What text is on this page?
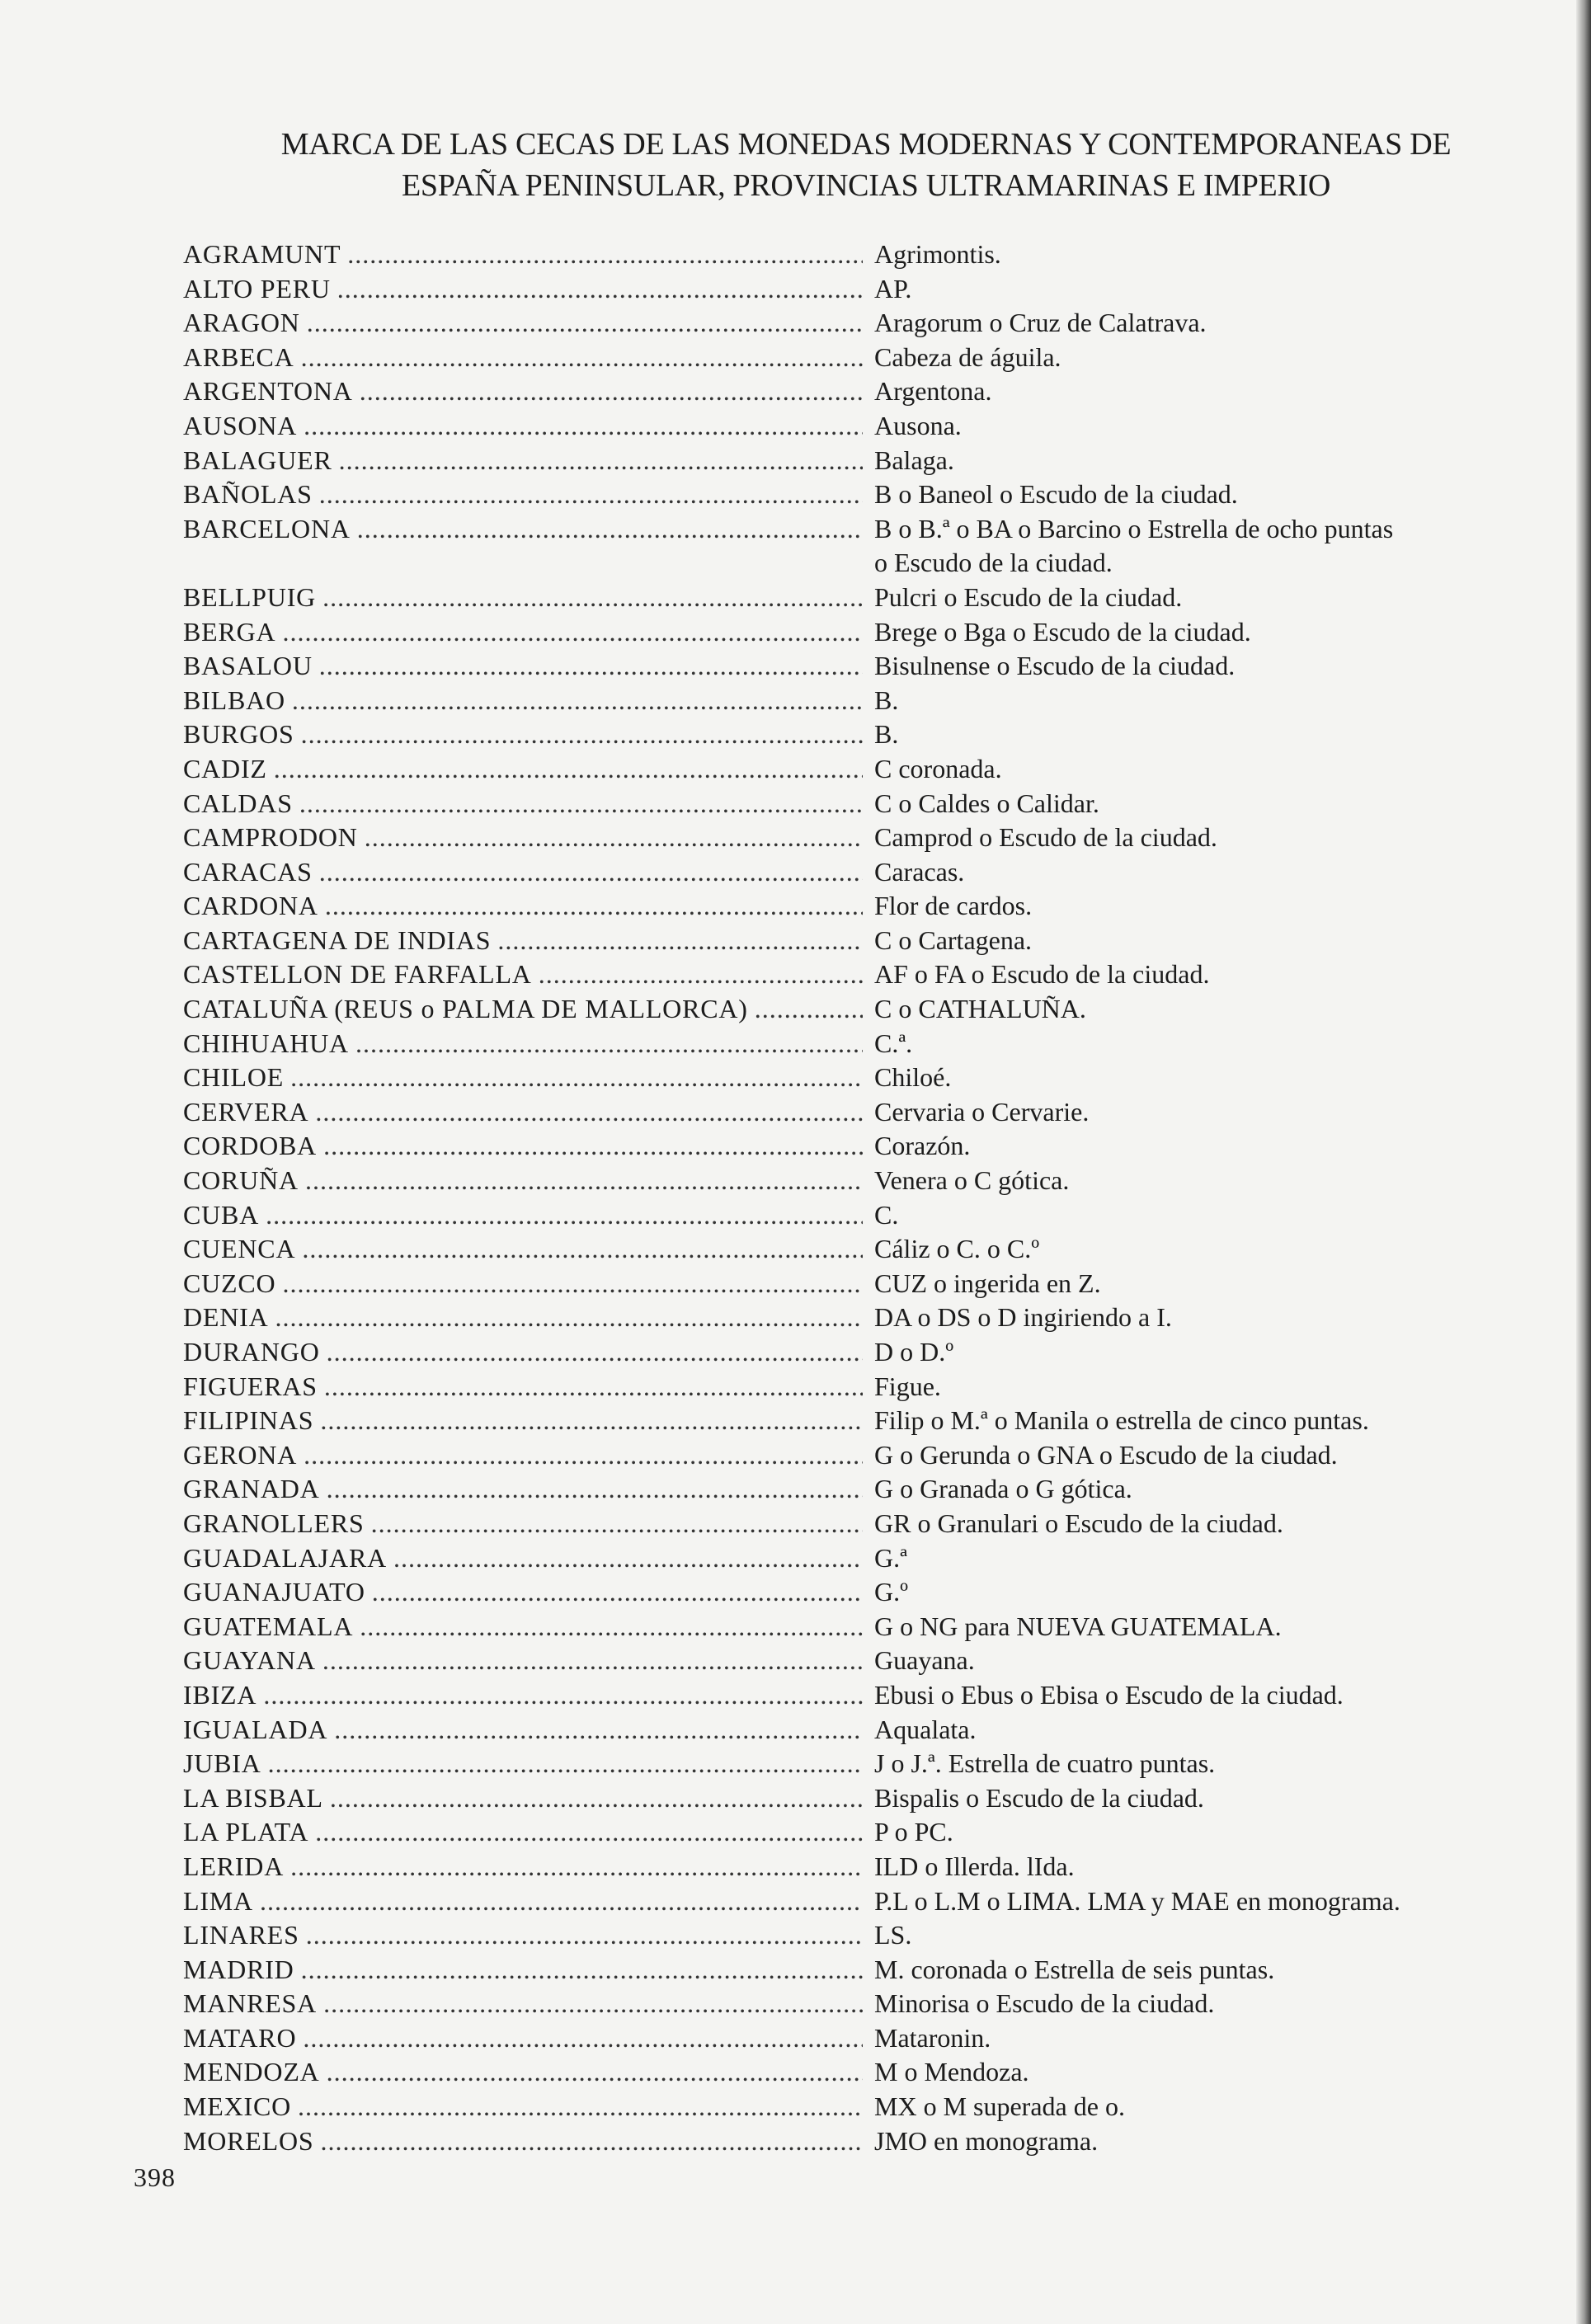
MARCA DE LAS CECAS DE LAS MONEDAS MODERNAS Y CONTEMPORANEAS DE
ESPAÑA PENINSULAR, PROVINCIAS ULTRAMARINAS E IMPERIO
AGRAMUNT .....	Agrimontis.
ALTO PERU .....	AP.
ARAGON .....	Aragorum o Cruz de Calatrava.
ARBECA .....	Cabeza de águila.
ARGENTONA .....	Argentona.
AUSONA .....	Ausona.
BALAGUER .....	Balaga.
BAÑOLAS .....	B o Baneol o Escudo de la ciudad.
BARCELONA .....	B o B.ª o BA o Barcino o Estrella de ocho puntas
o Escudo de la ciudad.
BELLPUIG .....	Pulcri o Escudo de la ciudad.
BERGA .....	Brege o Bga o Escudo de la ciudad.
BASALOU .....	Bisulnense o Escudo de la ciudad.
BILBAO .....	B.
BURGOS .....	B.
CADIZ .....	C coronada.
CALDAS .....	C o Caldes o Calidar.
CAMPRODON .....	Camprod o Escudo de la ciudad.
CARACAS .....	Caracas.
CARDONA .....	Flor de cardos.
CARTAGENA DE INDIAS .....	C o Cartagena.
CASTELLON DE FARFALLA .....	AF o FA o Escudo de la ciudad.
CATALUÑA (REUS o PALMA DE MALLORCA) .....	C o CATHALUÑA.
CHIHUAHUA .....	C.ª.
CHILOE .....	Chiloé.
CERVERA .....	Cervaria o Cervarie.
CORDOBA .....	Corazón.
CORUÑA .....	Venera o C gótica.
CUBA .....	C.
CUENCA .....	Cáliz o C. o C.º
CUZCO .....	CUZ o ingerida en Z.
DENIA .....	DA o DS o D ingiriendo a I.
DURANGO .....	D o D.º
FIGUERAS .....	Figue.
FILIPINAS .....	Filip o M.ª o Manila o estrella de cinco puntas.
GERONA .....	G o Gerunda o GNA o Escudo de la ciudad.
GRANADA .....	G o Granada o G gótica.
GRANOLLERS .....	GR o Granulari o Escudo de la ciudad.
GUADALAJARA .....	G.ª
GUANAJUATO .....	G.º
GUATEMALA .....	G o NG para NUEVA GUATEMALA.
GUAYANA .....	Guayana.
IBIZA .....	Ebusi o Ebus o Ebisa o Escudo de la ciudad.
IGUALADA .....	Aqualata.
JUBIA .....	J o J.ª. Estrella de cuatro puntas.
LA BISBAL .....	Bispalis o Escudo de la ciudad.
LA PLATA .....	P o PC.
LERIDA .....	ILD o Illerda. lIda.
LIMA .....	P.L o L.M o LIMA. LMA y MAE en monograma.
LINARES .....	LS.
MADRID .....	M. coronada o Estrella de seis puntas.
MANRESA .....	Minorisa o Escudo de la ciudad.
MATARO .....	Mataronin.
MENDOZA .....	M o Mendoza.
MEXICO .....	MX o M superada de o.
MORELOS .....	JMO en monograma.
398
